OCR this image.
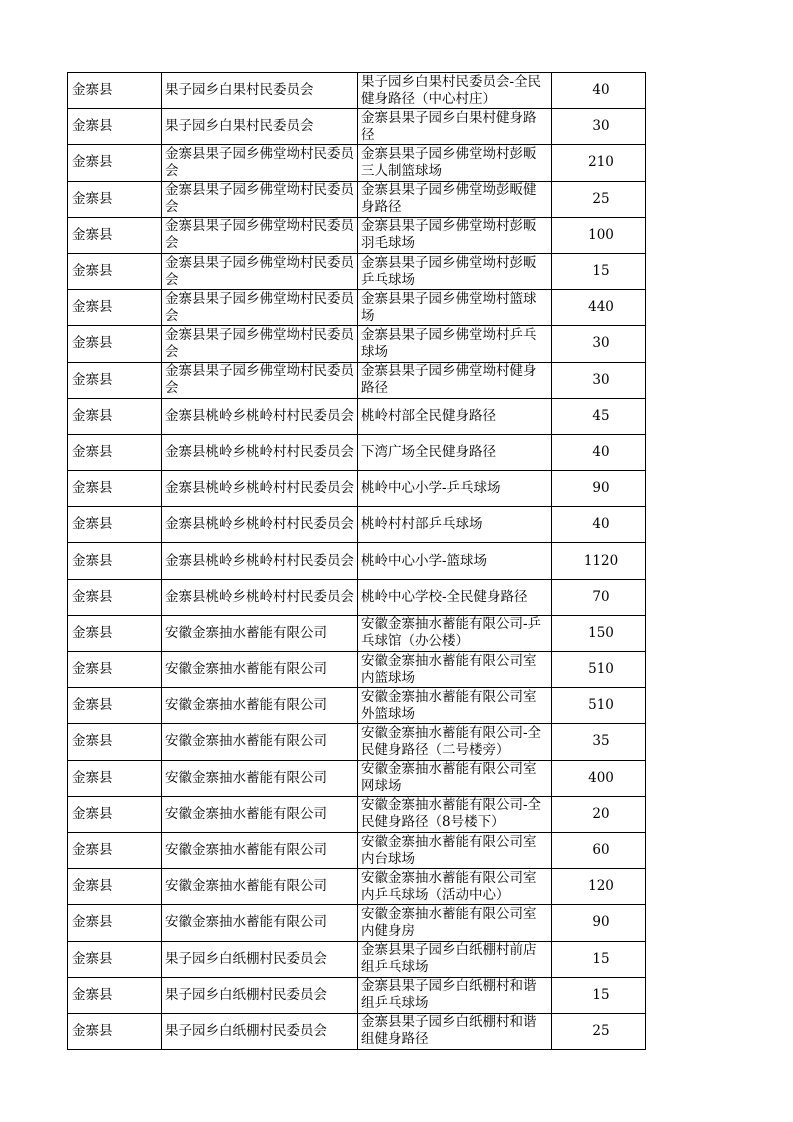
金寨县	果子园乡白果村民委员会	果子园乡白果村民委员会-全民健身路径（中心村庄）	40
金寨县	果子园乡白果村民委员会	金寨县果子园乡白果村健身路径	30
金寨县	金寨县果子园乡佛堂坳村民委员会	金寨县果子园乡佛堂坳村彭畈三人制篮球场	210
金寨县	金寨县果子园乡佛堂坳村民委员会	金寨县果子园乡佛堂坳彭畈健身路径	25
金寨县	金寨县果子园乡佛堂坳村民委员会	金寨县果子园乡佛堂坳村彭畈羽毛球场	100
金寨县	金寨县果子园乡佛堂坳村民委员会	金寨县果子园乡佛堂坳村彭畈乒乓球场	15
金寨县	金寨县果子园乡佛堂坳村民委员会	金寨县果子园乡佛堂坳村篮球场	440
金寨县	金寨县果子园乡佛堂坳村民委员会	金寨县果子园乡佛堂坳村乒乓球场	30
金寨县	金寨县果子园乡佛堂坳村民委员会	金寨县果子园乡佛堂坳村健身路径	30
金寨县	金寨县桃岭乡桃岭村村民委员会	桃岭村部全民健身路径	45
金寨县	金寨县桃岭乡桃岭村村民委员会	下湾广场全民健身路径	40
金寨县	金寨县桃岭乡桃岭村村民委员会	桃岭中心小学-乒乓球场	90
金寨县	金寨县桃岭乡桃岭村村民委员会	桃岭村村部乒乓球场	40
金寨县	金寨县桃岭乡桃岭村村民委员会	桃岭中心小学-篮球场	1120
金寨县	金寨县桃岭乡桃岭村村民委员会	桃岭中心学校-全民健身路径	70
金寨县	安徽金寨抽水蓄能有限公司	安徽金寨抽水蓄能有限公司-乒乓球馆（办公楼）	150
金寨县	安徽金寨抽水蓄能有限公司	安徽金寨抽水蓄能有限公司室内篮球场	510
金寨县	安徽金寨抽水蓄能有限公司	安徽金寨抽水蓄能有限公司室外篮球场	510
金寨县	安徽金寨抽水蓄能有限公司	安徽金寨抽水蓄能有限公司-全民健身路径（二号楼旁）	35
金寨县	安徽金寨抽水蓄能有限公司	安徽金寨抽水蓄能有限公司室网球场	400
金寨县	安徽金寨抽水蓄能有限公司	安徽金寨抽水蓄能有限公司-全民健身路径（8号楼下）	20
金寨县	安徽金寨抽水蓄能有限公司	安徽金寨抽水蓄能有限公司室内台球场	60
金寨县	安徽金寨抽水蓄能有限公司	安徽金寨抽水蓄能有限公司室内乒乓球场（活动中心）	120
金寨县	安徽金寨抽水蓄能有限公司	安徽金寨抽水蓄能有限公司室内健身房	90
金寨县	果子园乡白纸棚村民委员会	金寨县果子园乡白纸棚村前店组乒乓球场	15
金寨县	果子园乡白纸棚村民委员会	金寨县果子园乡白纸棚村和谐组乒乓球场	15
金寨县	果子园乡白纸棚村民委员会	金寨县果子园乡白纸棚村和谐组健身路径	25
